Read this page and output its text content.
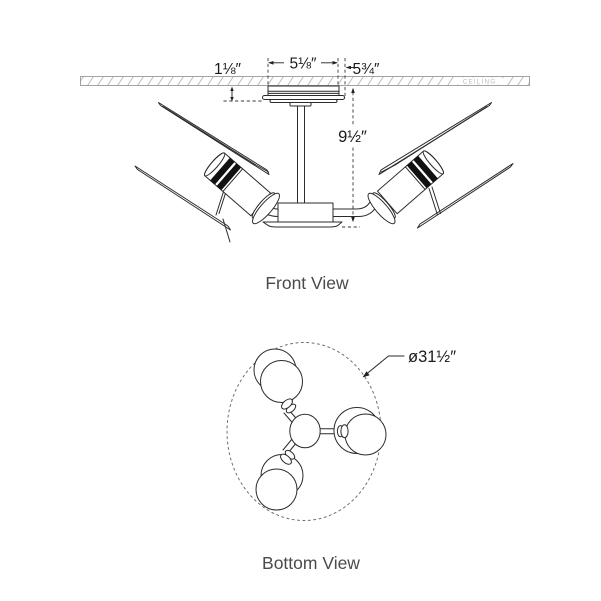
CEILING
5⅛″
1⅛″	5¾″
9½″
Front View
ø31½″
Bottom View
